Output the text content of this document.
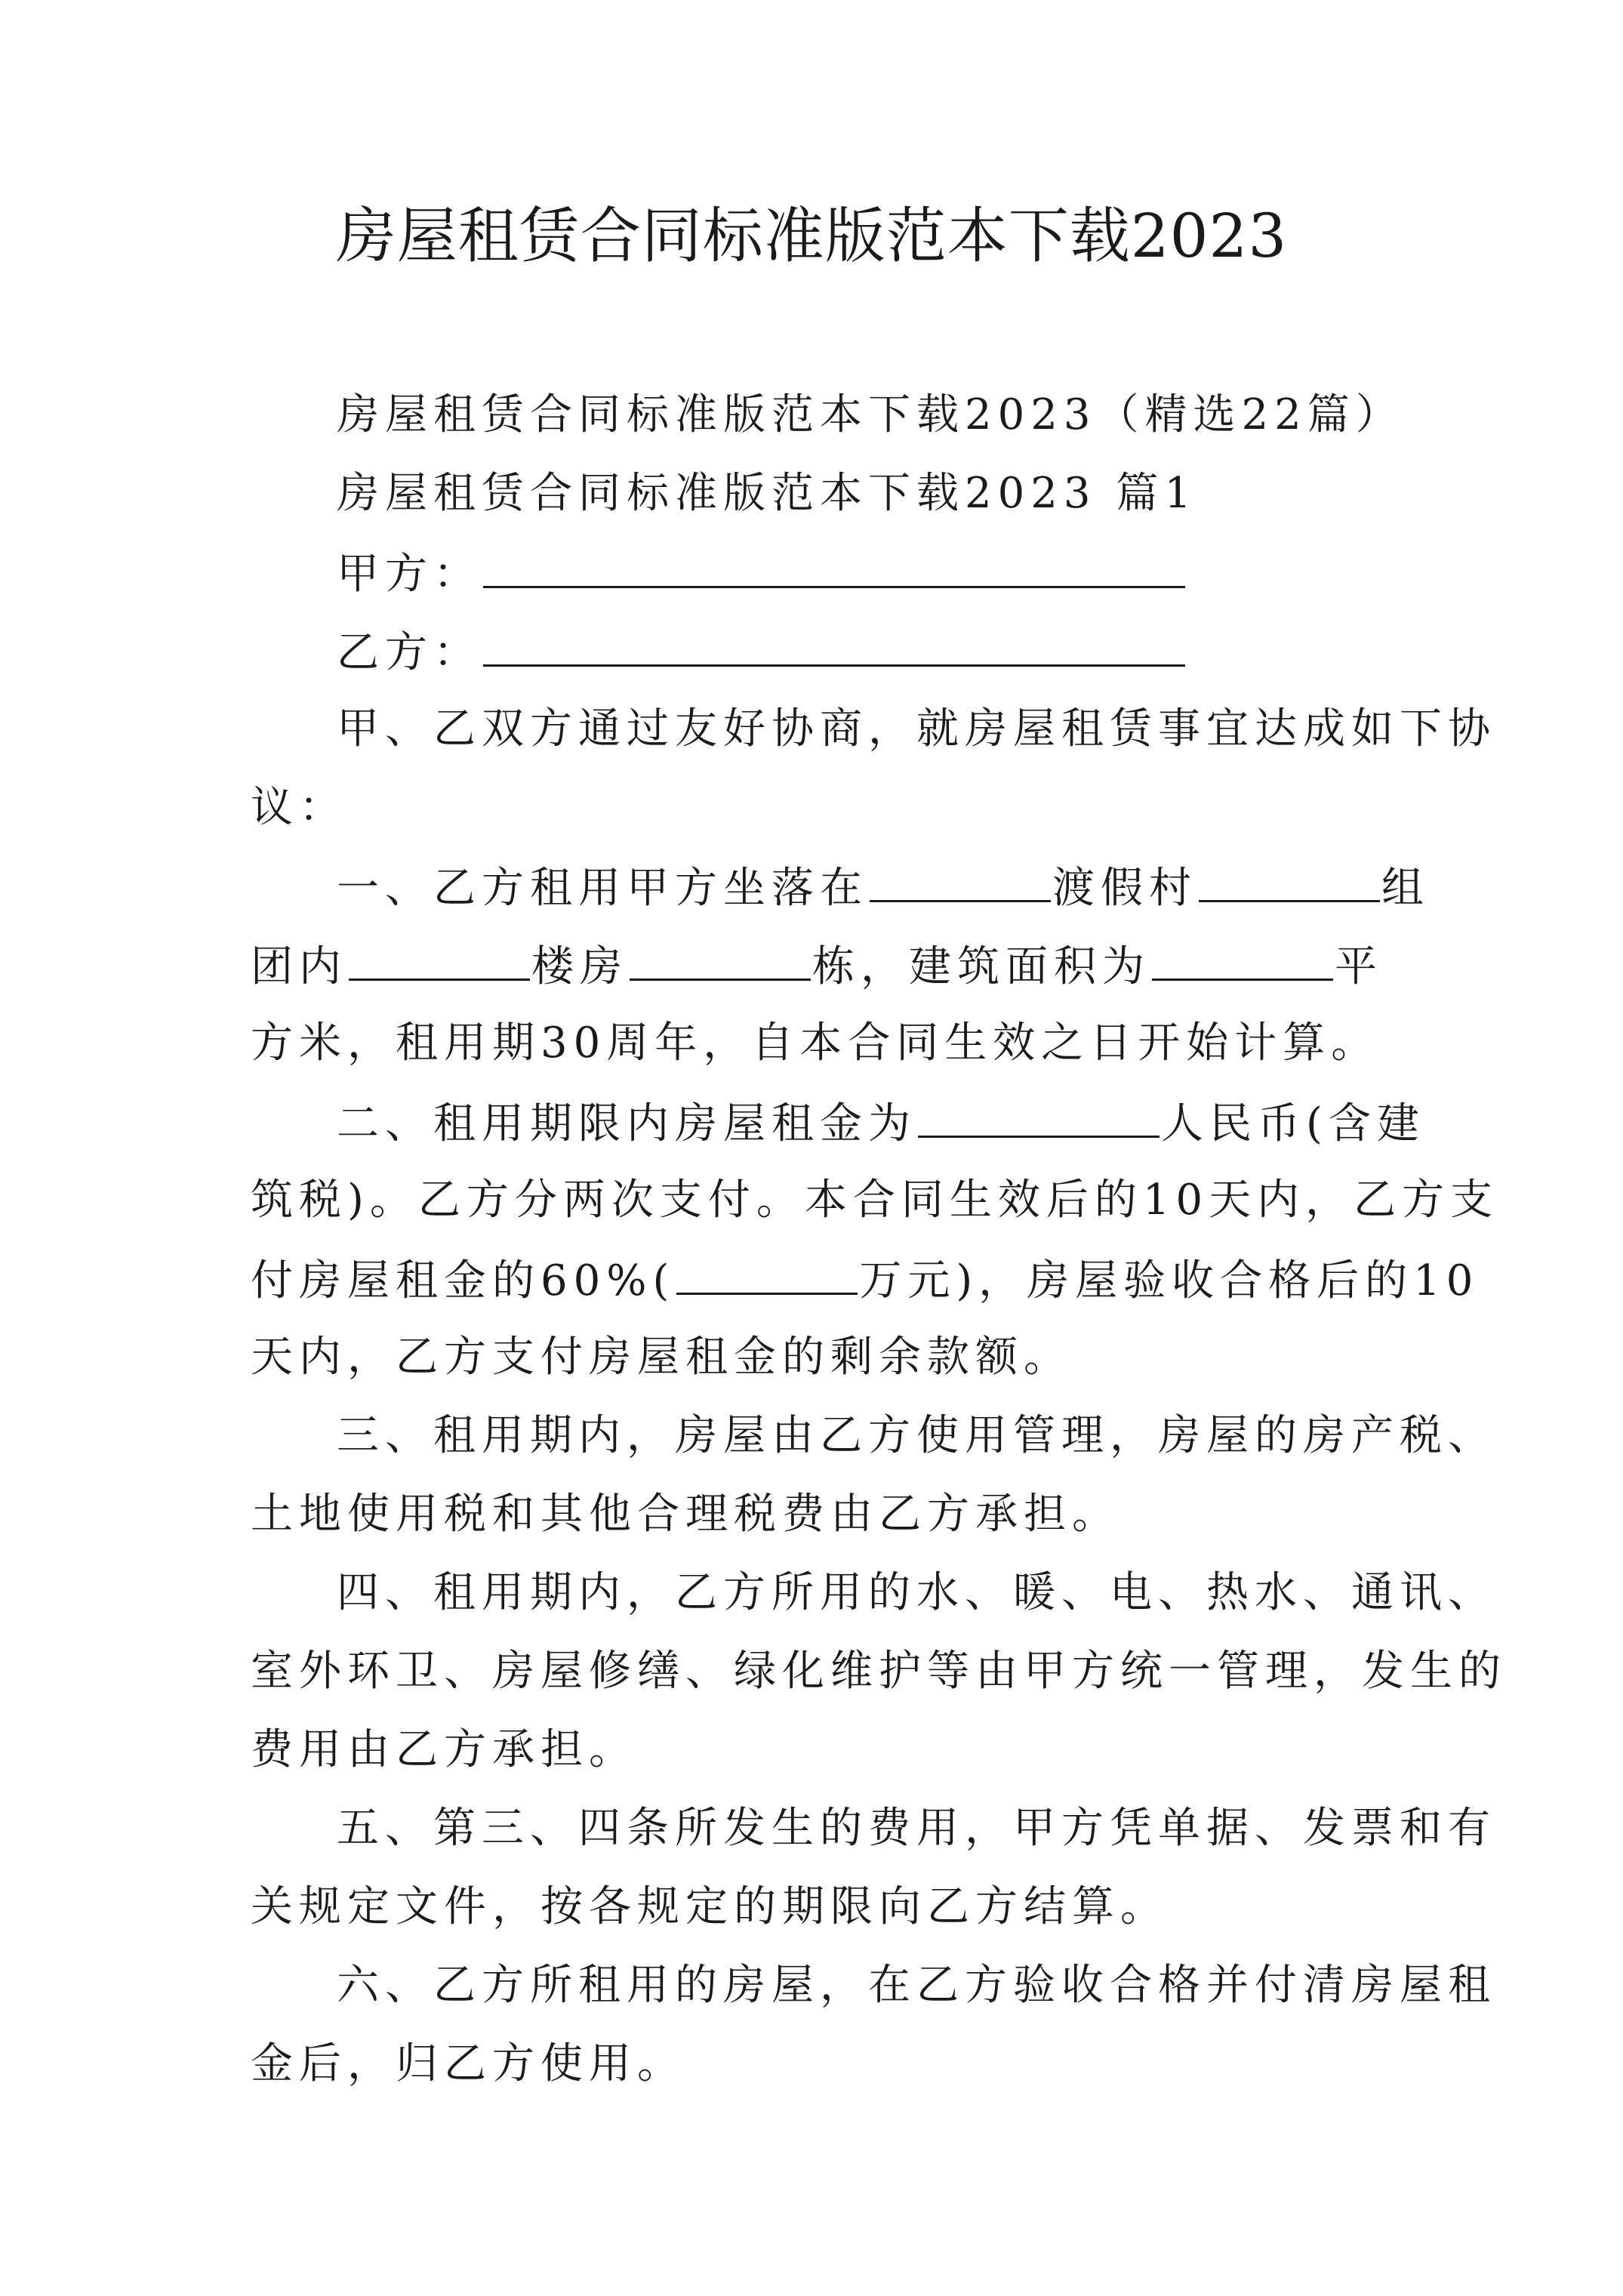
房屋租赁合同标准版范本下载2023
房屋租赁合同标准版范本下载2023（精选22篇）
房屋租赁合同标准版范本下载2023 篇1
甲方：
乙方：
甲、乙双方通过友好协商，就房屋租赁事宜达成如下协
议：
一、乙方租用甲方坐落在	渡假村	组
团内	楼房	栋，建筑面积为	平
方米，租用期30周年，自本合同生效之日开始计算。
二、租用期限内房屋租金为	人民币(含建
筑税)。乙方分两次支付。本合同生效后的10天内，乙方支
付房屋租金的60%(	万元)，房屋验收合格后的10
天内，乙方支付房屋租金的剩余款额。
三、租用期内，房屋由乙方使用管理，房屋的房产税、
土地使用税和其他合理税费由乙方承担。
四、租用期内，乙方所用的水、暖、电、热水、通讯、
室外环卫、房屋修缮、绿化维护等由甲方统一管理，发生的
费用由乙方承担。
五、第三、四条所发生的费用，甲方凭单据、发票和有
关规定文件，按各规定的期限向乙方结算。
六、乙方所租用的房屋，在乙方验收合格并付清房屋租
金后，归乙方使用。
